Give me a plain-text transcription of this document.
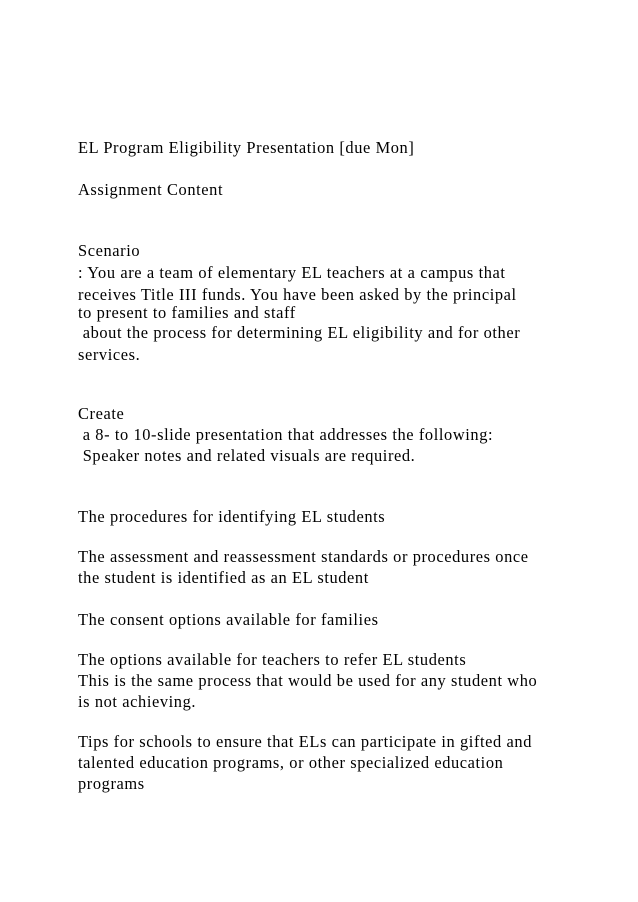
EL Program Eligibility Presentation [due Mon]
Assignment Content
Scenario
: You are a team of elementary EL teachers at a campus that
receives Title III funds. You have been asked by the principal
to present to families and staff
about the process for determining EL eligibility and for other
services.
Create
a 8- to 10-slide presentation that addresses the following:
Speaker notes and related visuals are required.
The procedures for identifying EL students
The assessment and reassessment standards or procedures once
the student is identified as an EL student
The consent options available for families
The options available for teachers to refer EL students
This is the same process that would be used for any student who
is not achieving.
Tips for schools to ensure that ELs can participate in gifted and
talented education programs, or other specialized education
programs
